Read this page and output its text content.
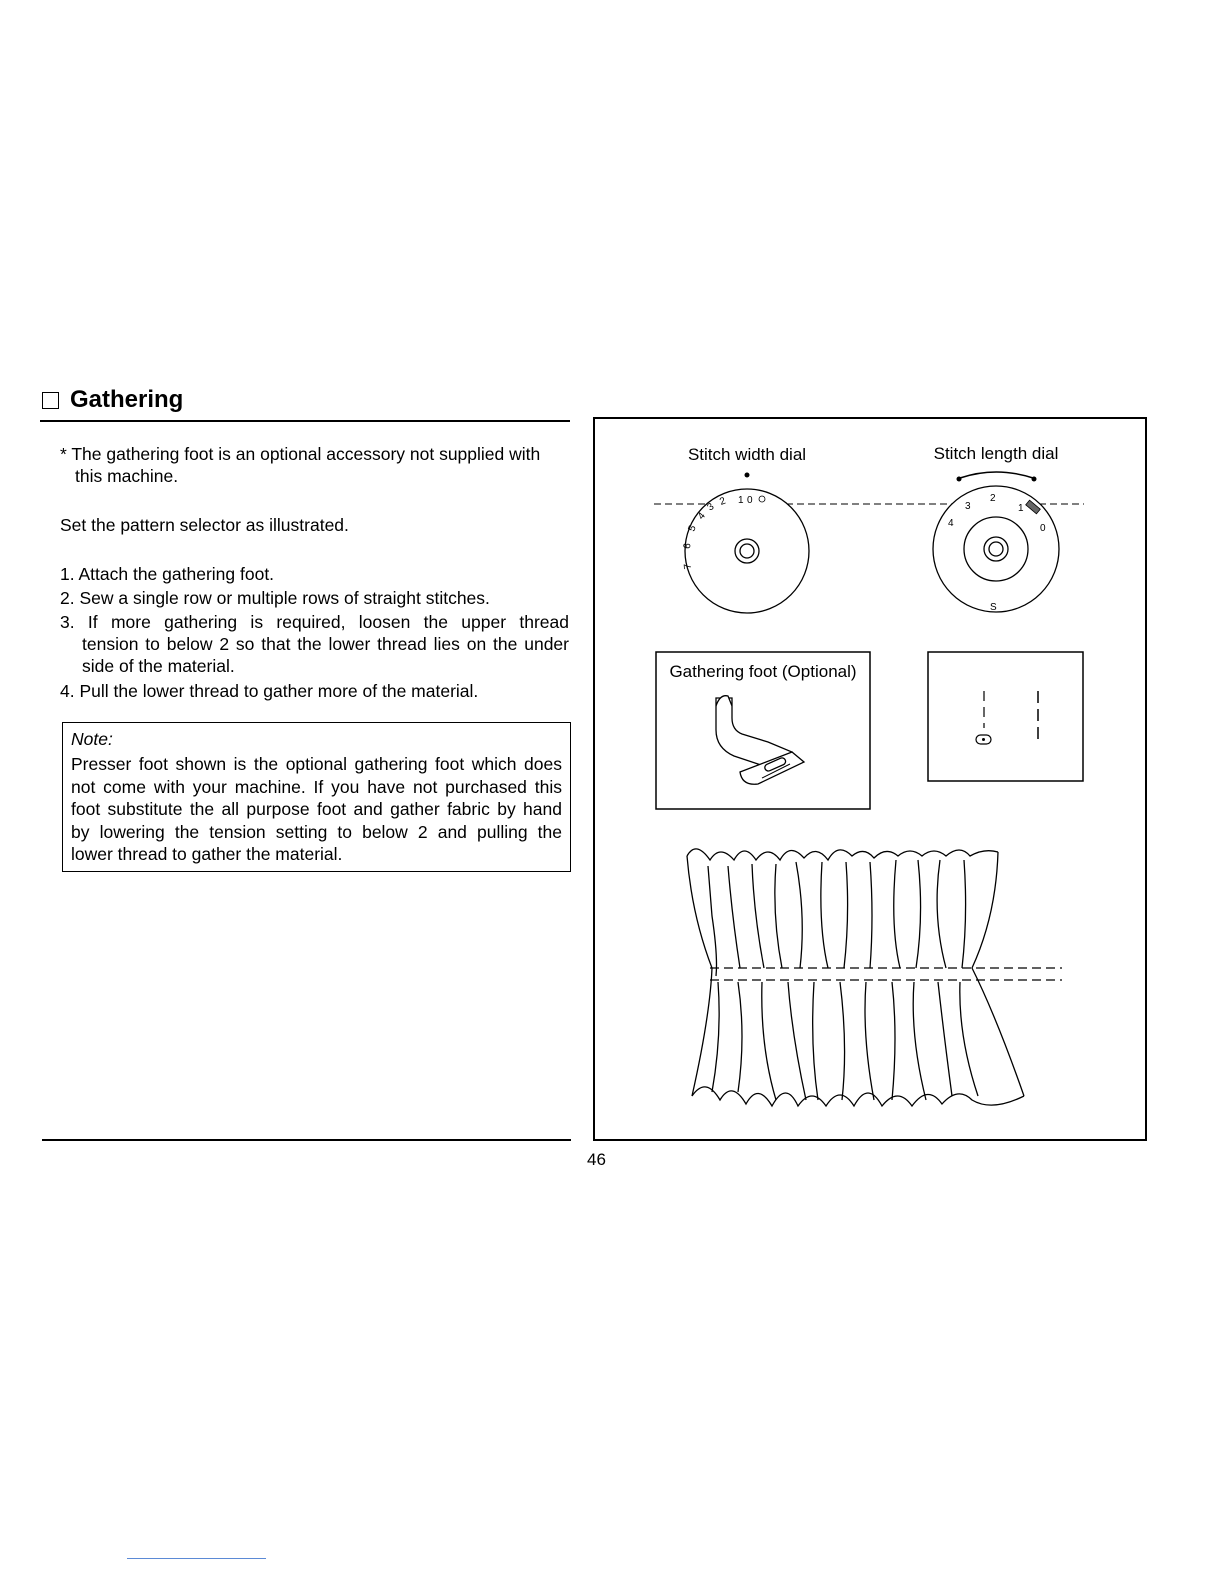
Gathering
* The gathering foot is an optional accessory not supplied with
this machine.
Set the pattern selector as illustrated.
1. Attach the gathering foot.
2. Sew a single row or multiple rows of straight stitches.
3. If more gathering is required, loosen the upper thread
tension to below 2 so that the lower thread lies on the under
side of the material.
4. Pull the lower thread to gather more of the material.
Note:
Presser foot shown is the optional gathering foot which does
not come with your machine. If you have not purchased this
foot substitute the all purpose foot and gather fabric by hand
by lowering the tension setting to below 2 and pulling the
lower thread to gather the material.
Stitch width dial	Stitch length dial
1
2
3
4
5
6
7
0	2
3
4
1
0
S
Gathering foot (Optional)
46
